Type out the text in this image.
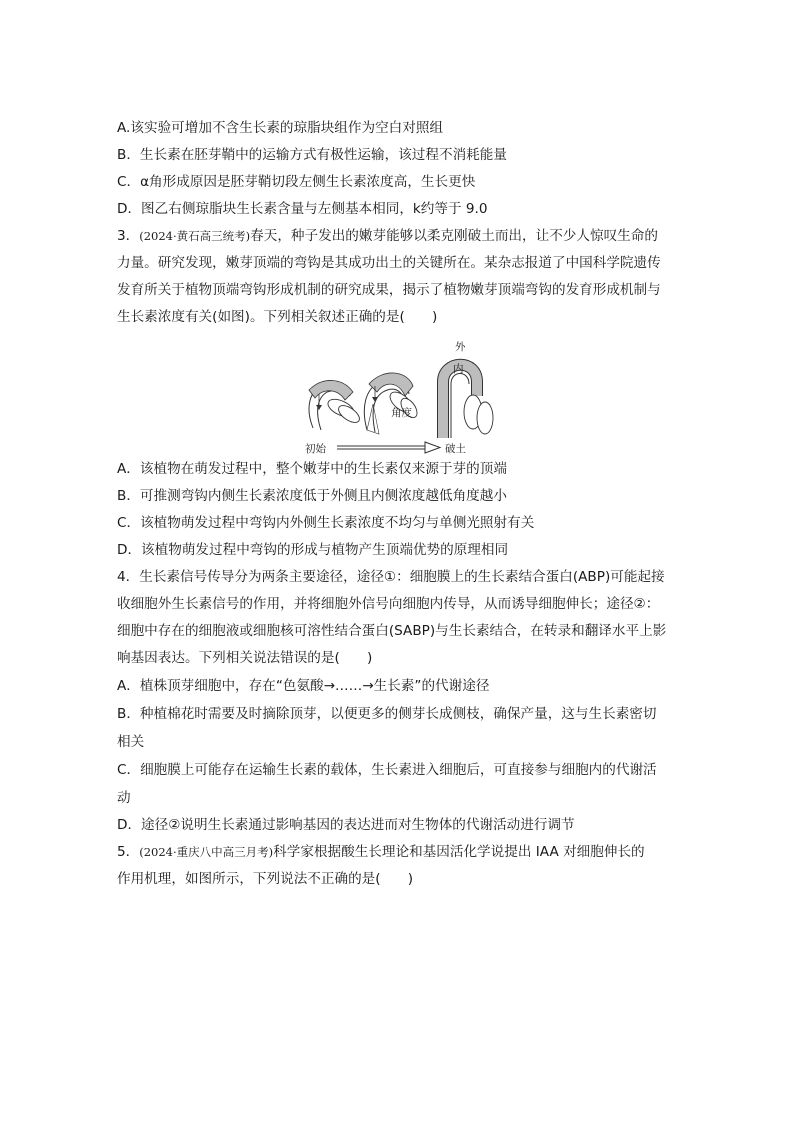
A.该实验可增加不含生长素的琼脂块组作为空白对照组
B．生长素在胚芽鞘中的运输方式有极性运输，该过程不消耗能量
C．α角形成原因是胚芽鞘切段左侧生长素浓度高，生长更快
D．图乙右侧琼脂块生长素含量与左侧基本相同，k约等于 9.0
3．(2024·黄石高三统考)春天，种子发出的嫩芽能够以柔克刚破土而出，让不少人惊叹生命的
力量。研究发现，嫩芽顶端的弯钩是其成功出土的关键所在。某杂志报道了中国科学院遗传
发育所关于植物顶端弯钩形成机制的研究成果，揭示了植物嫩芽顶端弯钩的发育形成机制与
生长素浓度有关(如图)。下列相关叙述正确的是(　　)
角度
外
内
初始	破土
A．该植物在萌发过程中，整个嫩芽中的生长素仅来源于芽的顶端
B．可推测弯钩内侧生长素浓度低于外侧且内侧浓度越低角度越小
C．该植物萌发过程中弯钩内外侧生长素浓度不均匀与单侧光照射有关
D．该植物萌发过程中弯钩的形成与植物产生顶端优势的原理相同
4．生长素信号传导分为两条主要途径，途径①：细胞膜上的生长素结合蛋白(ABP)可能起接
收细胞外生长素信号的作用，并将细胞外信号向细胞内传导，从而诱导细胞伸长；途径②：
细胞中存在的细胞液或细胞核可溶性结合蛋白(SABP)与生长素结合，在转录和翻译水平上影
响基因表达。下列相关说法错误的是(　　)
A．植株顶芽细胞中，存在“色氨酸→……→生长素”的代谢途径
B．种植棉花时需要及时摘除顶芽，以便更多的侧芽长成侧枝，确保产量，这与生长素密切
相关
C．细胞膜上可能存在运输生长素的载体，生长素进入细胞后，可直接参与细胞内的代谢活
动
D．途径②说明生长素通过影响基因的表达进而对生物体的代谢活动进行调节
5．(2024·重庆八中高三月考)科学家根据酸生长理论和基因活化学说提出 IAA 对细胞伸长的
作用机理，如图所示，下列说法不正确的是(　　)
